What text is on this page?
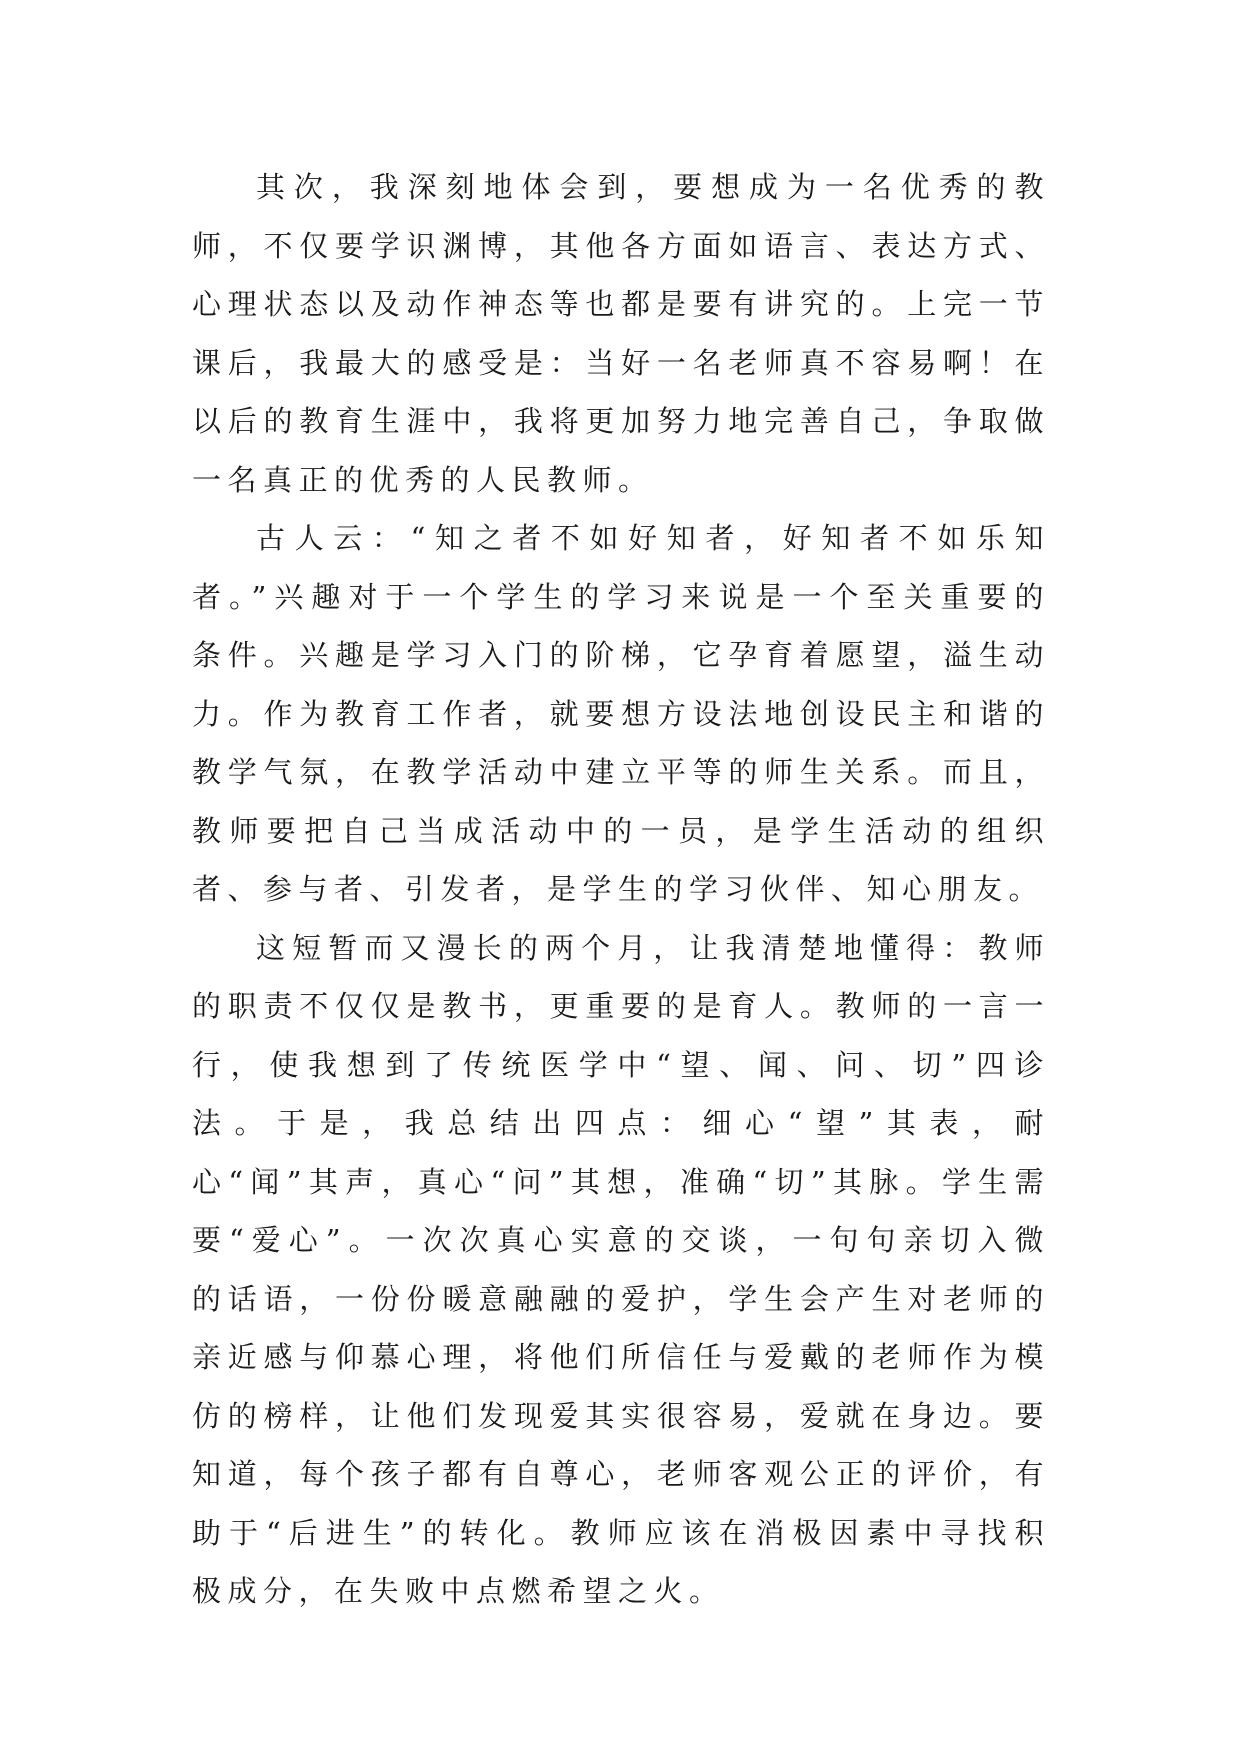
其次，我深刻地体会到，要想成为一名优秀的教师，不仅要学识渊博，其他各方面如语言、表达方式、心理状态以及动作神态等也都是要有讲究的。上完一节课后，我最大的感受是：当好一名老师真不容易啊！在以后的教育生涯中，我将更加努力地完善自己，争取做一名真正的优秀的人民教师。

古人云：“知之者不如好知者，好知者不如乐知者。”兴趣对于一个学生的学习来说是一个至关重要的条件。兴趣是学习入门的阶梯，它孕育着愿望，溢生动力。作为教育工作者，就要想方设法地创设民主和谐的教学气氛，在教学活动中建立平等的师生关系。而且，教师要把自己当成活动中的一员，是学生活动的组织者、参与者、引发者，是学生的学习伙伴、知心朋友。

这短暂而又漫长的两个月，让我清楚地懂得：教师的职责不仅仅是教书，更重要的是育人。教师的一言一行，使我想到了传统医学中“望、闻、问、切”四诊法。于是，我总结出四点：细心“望”其表，耐心“闻”其声，真心“问”其想，准确“切”其脉。学生需要“爱心”。一次次真心实意的交谈，一句句亲切入微的话语，一份份暖意融融的爱护，学生会产生对老师的亲近感与仰慕心理，将他们所信任与爱戴的老师作为模仿的榜样，让他们发现爱其实很容易，爱就在身边。要知道，每个孩子都有自尊心，老师客观公正的评价，有助于“后进生”的转化。教师应该在消极因素中寻找积极成分，在失败中点燃希望之火。
